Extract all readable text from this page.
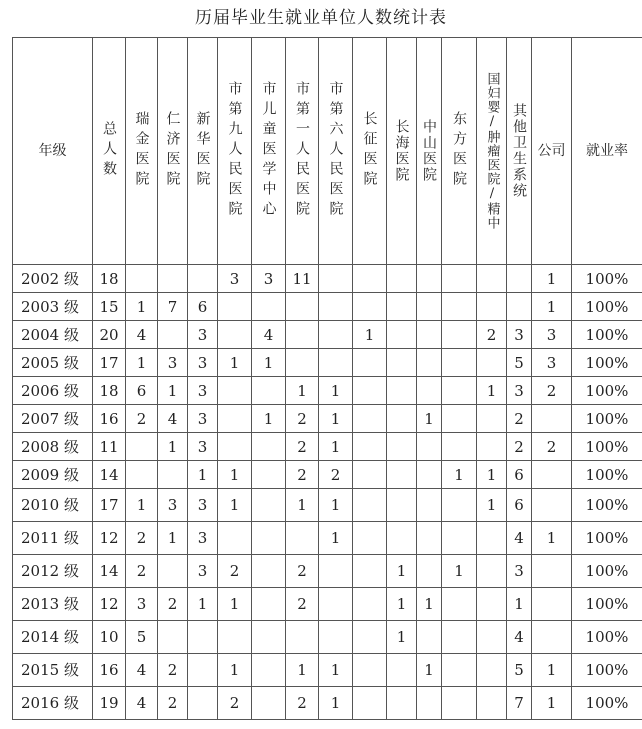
历届毕业生就业单位人数统计表
年级	总人数	瑞金医院	仁济医院	新华医院	市第九人民医院	市儿童医学中心	市第一人民医院	市第六人民医院	长征医院	长海医院	中山医院	东方医院	国妇婴/肿瘤医院/精中	其他卫生系统	公司	就业率
2002 级	18				3	3	11								1	100%
2003 级	15	1	7	6											1	100%
2004 级	20	4		3		4			1				2	3	3	100%
2005 级	17	1	3	3	1	1								5	3	100%
2006 级	18	6	1	3			1	1					1	3	2	100%
2007 级	16	2	4	3		1	2	1			1			2		100%
2008 级	11		1	3			2	1						2	2	100%
2009 级	14			1	1		2	2				1	1	6		100%
2010 级	17	1	3	3	1		1	1					1	6		100%
2011 级	12	2	1	3				1						4	1	100%
2012 级	14	2		3	2		2			1		1		3		100%
2013 级	12	3	2	1	1		2			1	1			1		100%
2014 级	10	5								1				4		100%
2015 级	16	4	2		1		1	1			1			5	1	100%
2016 级	19	4	2		2		2	1						7	1	100%
